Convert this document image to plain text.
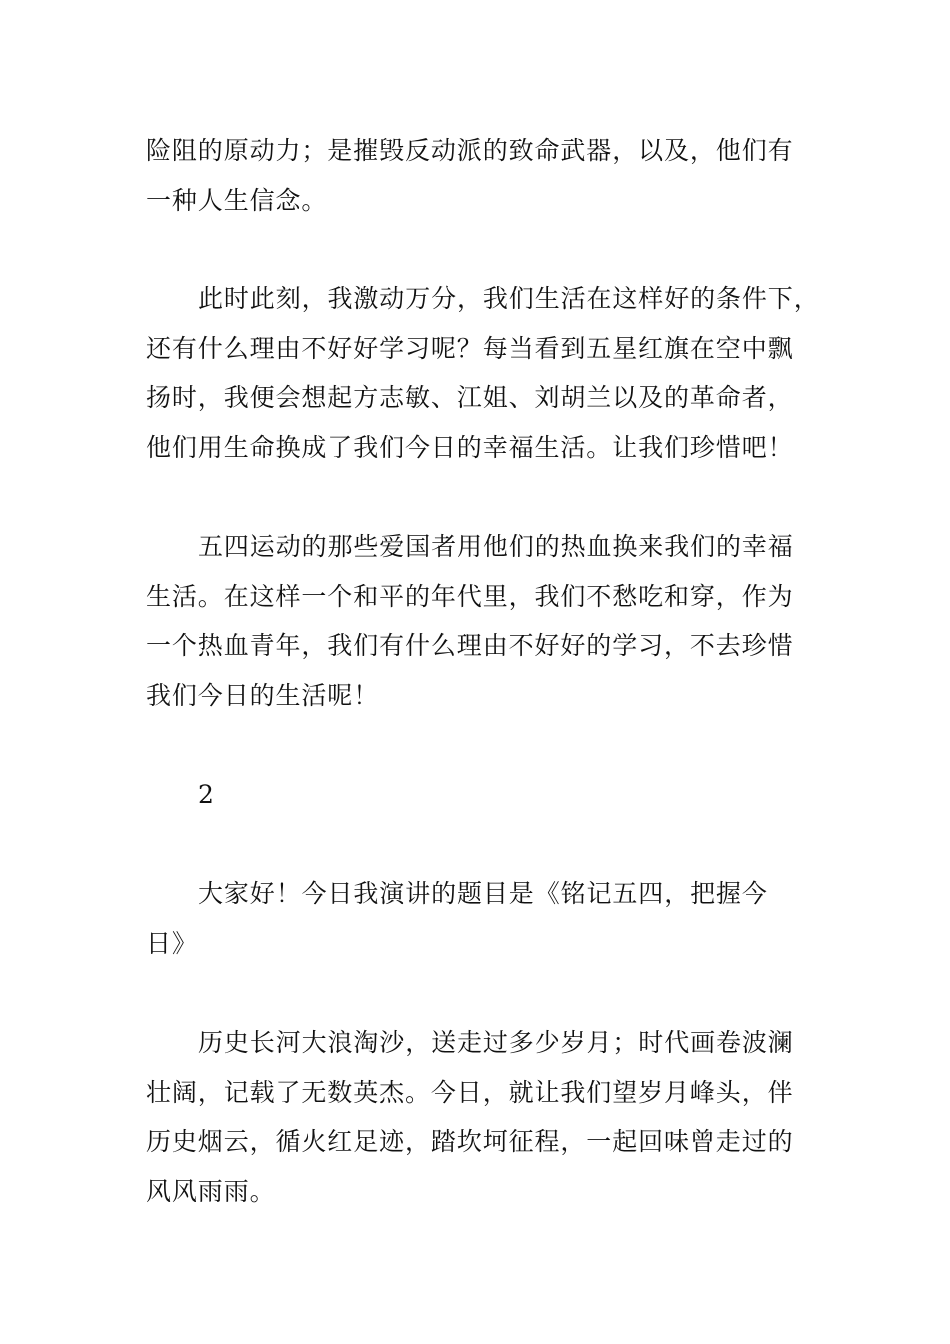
险阻的原动力；是摧毁反动派的致命武器，以及，他们有
一种人生信念。

此时此刻，我激动万分，我们生活在这样好的条件下，
还有什么理由不好好学习呢？每当看到五星红旗在空中飘
扬时，我便会想起方志敏、江姐、刘胡兰以及的革命者，
他们用生命换成了我们今日的幸福生活。让我们珍惜吧！

五四运动的那些爱国者用他们的热血换来我们的幸福
生活。在这样一个和平的年代里，我们不愁吃和穿，作为
一个热血青年，我们有什么理由不好好的学习，不去珍惜
我们今日的生活呢！

2

大家好！今日我演讲的题目是《铭记五四，把握今
日》

历史长河大浪淘沙，送走过多少岁月；时代画卷波澜
壮阔，记载了无数英杰。今日，就让我们望岁月峰头，伴
历史烟云，循火红足迹，踏坎坷征程，一起回味曾走过的
风风雨雨。
